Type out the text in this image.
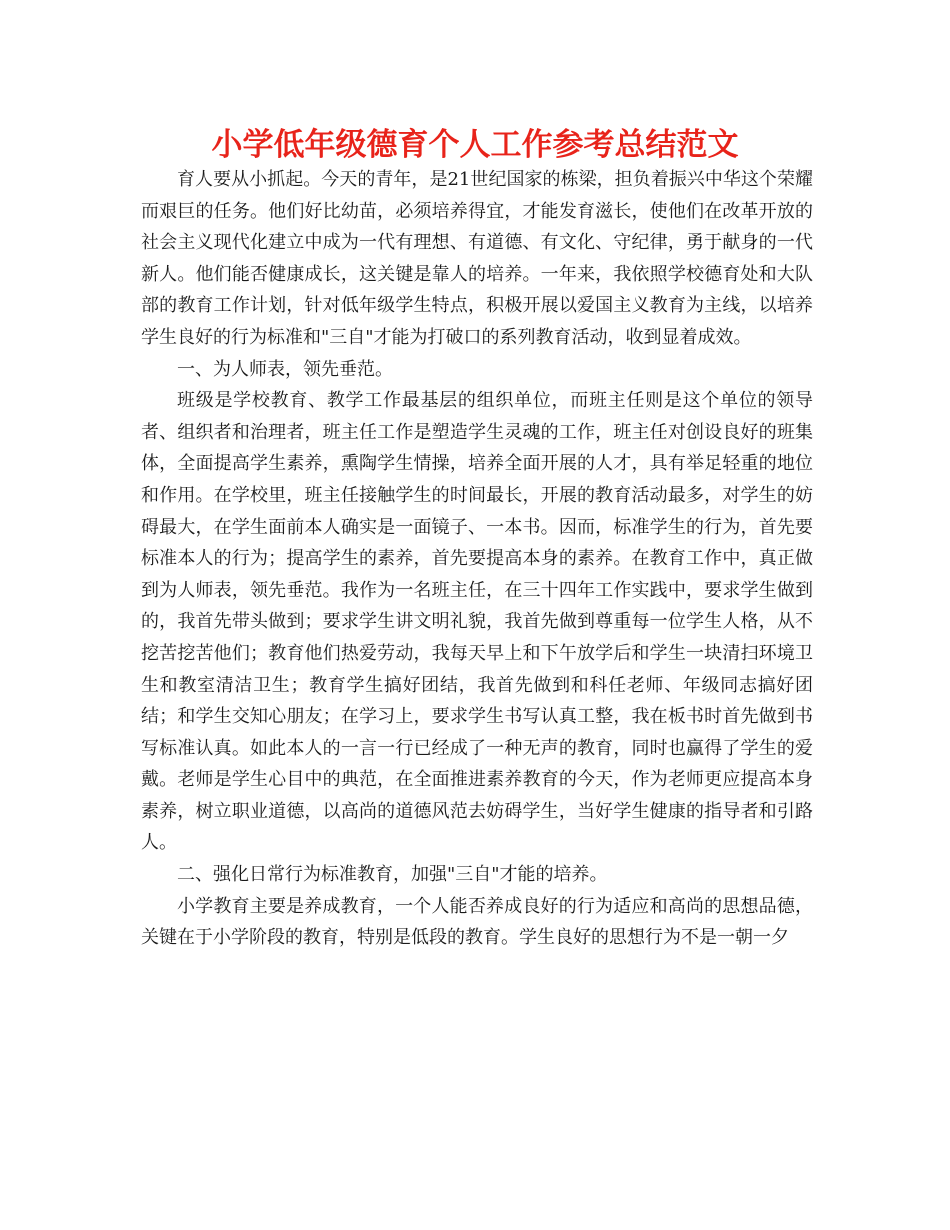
小学低年级德育个人工作参考总结范文

育人要从小抓起。今天的青年，是21世纪国家的栋梁，担负着振兴中华这个荣耀而艰巨的任务。他们好比幼苗，必须培养得宜，才能发育滋长，使他们在改革开放的社会主义现代化建立中成为一代有理想、有道德、有文化、守纪律，勇于献身的一代新人。他们能否健康成长，这关键是靠人的培养。一年来，我依照学校德育处和大队部的教育工作计划，针对低年级学生特点，积极开展以爱国主义教育为主线，以培养学生良好的行为标准和"三自"才能为打破口的系列教育活动，收到显着成效。

一、为人师表，领先垂范。

班级是学校教育、教学工作最基层的组织单位，而班主任则是这个单位的领导者、组织者和治理者，班主任工作是塑造学生灵魂的工作，班主任对创设良好的班集体，全面提高学生素养，熏陶学生情操，培养全面开展的人才，具有举足轻重的地位和作用。在学校里，班主任接触学生的时间最长，开展的教育活动最多，对学生的妨碍最大，在学生面前本人确实是一面镜子、一本书。因而，标准学生的行为，首先要标准本人的行为；提高学生的素养，首先要提高本身的素养。在教育工作中，真正做到为人师表，领先垂范。我作为一名班主任，在三十四年工作实践中，要求学生做到的，我首先带头做到；要求学生讲文明礼貌，我首先做到尊重每一位学生人格，从不挖苦挖苦他们；教育他们热爱劳动，我每天早上和下午放学后和学生一块清扫环境卫生和教室清洁卫生；教育学生搞好团结，我首先做到和科任老师、年级同志搞好团结；和学生交知心朋友；在学习上，要求学生书写认真工整，我在板书时首先做到书写标准认真。如此本人的一言一行已经成了一种无声的教育，同时也赢得了学生的爱戴。老师是学生心目中的典范，在全面推进素养教育的今天，作为老师更应提高本身素养，树立职业道德，以高尚的道德风范去妨碍学生，当好学生健康的指导者和引路人。

二、强化日常行为标准教育，加强"三自"才能的培养。

小学教育主要是养成教育，一个人能否养成良好的行为适应和高尚的思想品德，关键在于小学阶段的教育，特别是低段的教育。学生良好的思想行为不是一朝一夕
